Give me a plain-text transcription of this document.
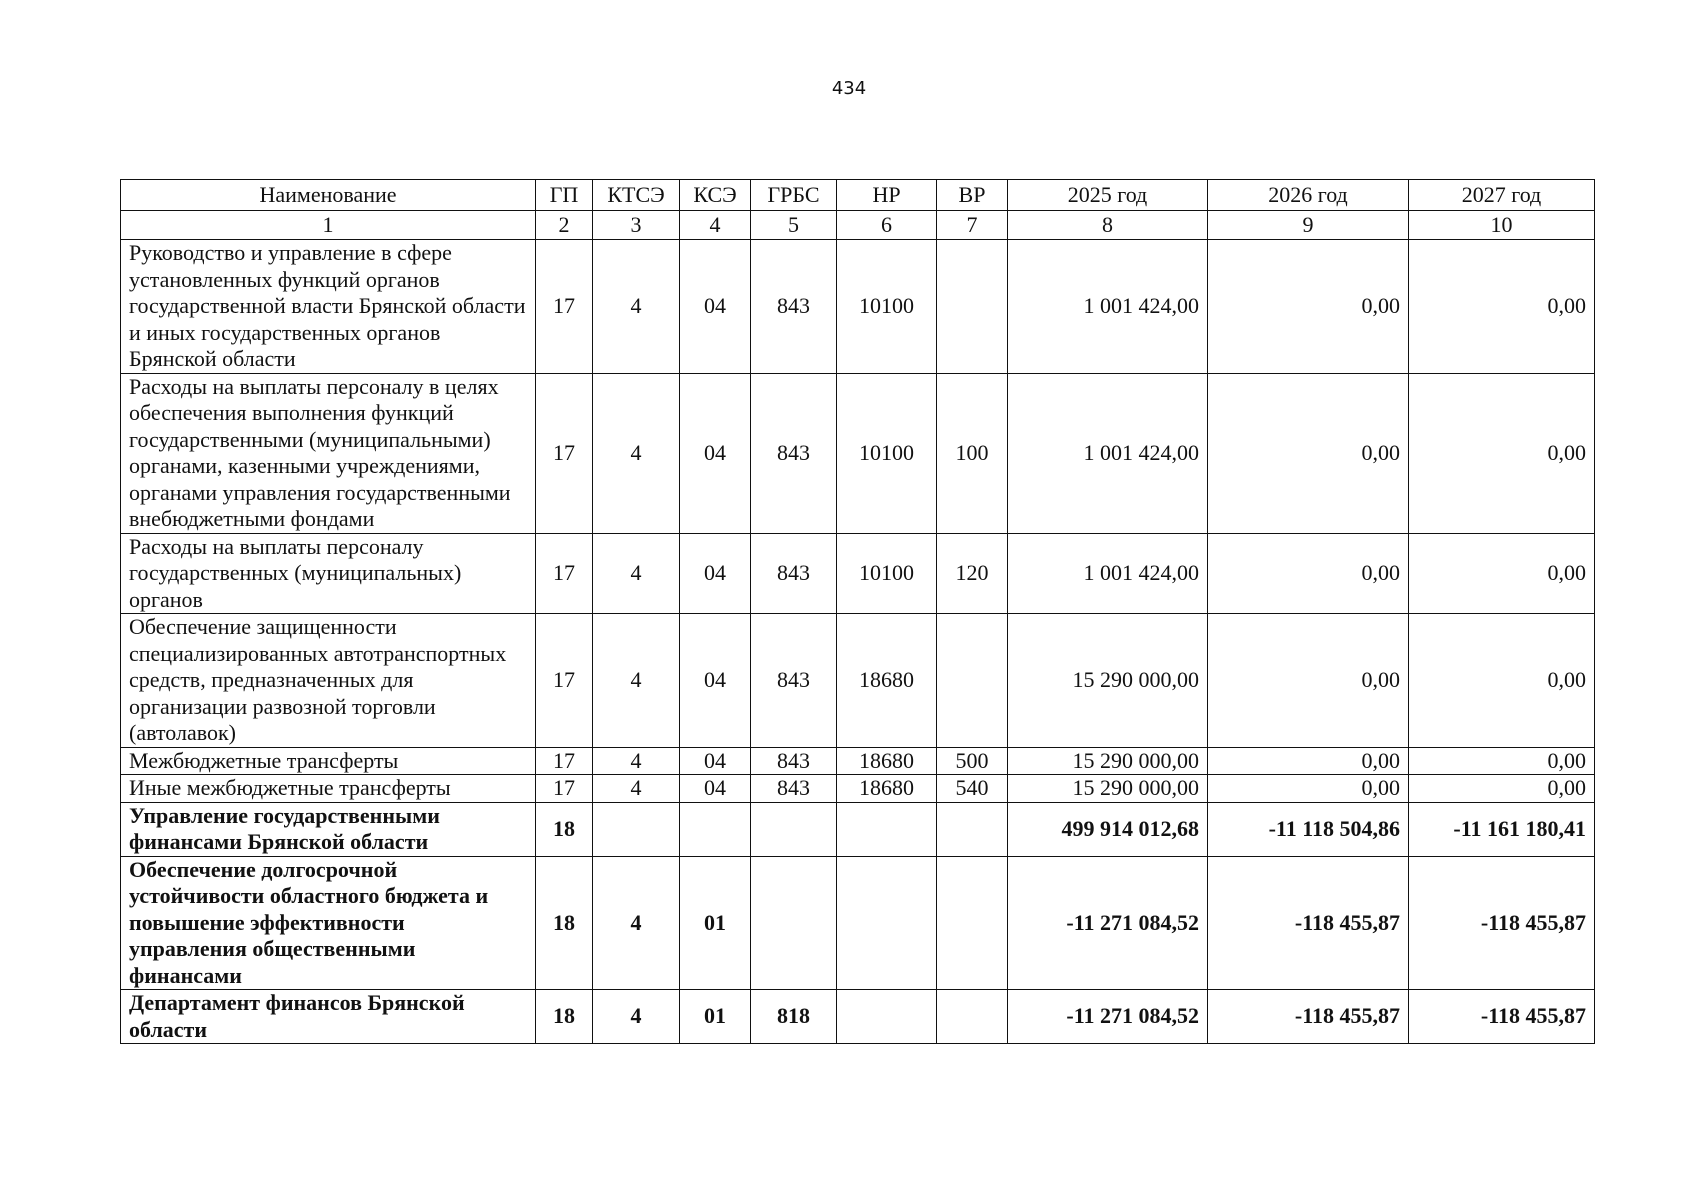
434
Наименование	ГП	КТСЭ	КСЭ	ГРБС	НР	ВР	2025 год	2026 год	2027 год
1	2	3	4	5	6	7	8	9	10
Руководство и управление в сфере установленных функций органов государственной власти Брянской области и иных государственных органов Брянской области	17	4	04	843	10100		1 001 424,00	0,00	0,00
Расходы на выплаты персоналу в целях обеспечения выполнения функций государственными (муниципальными) органами, казенными учреждениями, органами управления государственными внебюджетными фондами	17	4	04	843	10100	100	1 001 424,00	0,00	0,00
Расходы на выплаты персоналу государственных (муниципальных) органов	17	4	04	843	10100	120	1 001 424,00	0,00	0,00
Обеспечение защищенности специализированных автотранспортных средств, предназначенных для организации развозной торговли (автолавок)	17	4	04	843	18680		15 290 000,00	0,00	0,00
Межбюджетные трансферты	17	4	04	843	18680	500	15 290 000,00	0,00	0,00
Иные межбюджетные трансферты	17	4	04	843	18680	540	15 290 000,00	0,00	0,00
Управление государственными финансами Брянской области	18						499 914 012,68	-11 118 504,86	-11 161 180,41
Обеспечение долгосрочной устойчивости областного бюджета и повышение эффективности управления общественными финансами	18	4	01				-11 271 084,52	-118 455,87	-118 455,87
Департамент финансов Брянской области	18	4	01	818			-11 271 084,52	-118 455,87	-118 455,87
